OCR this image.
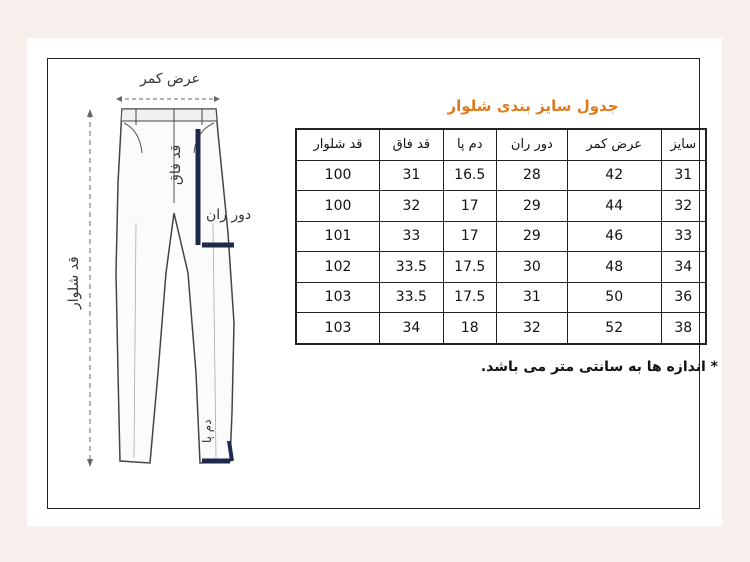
عرض کمر
قد فاق
دور ران
قد شلوار
دم پا
جدول سایز بندی شلوار
سایز	عرض کمر	دور ران	دم پا	قد فاق	قد شلوار
31	42	28	16.5	31	100
32	44	29	17	32	100
33	46	29	17	33	101
34	48	30	17.5	33.5	102
36	50	31	17.5	33.5	103
38	52	32	18	34	103
* اندازه ها به سانتی متر می باشد.
